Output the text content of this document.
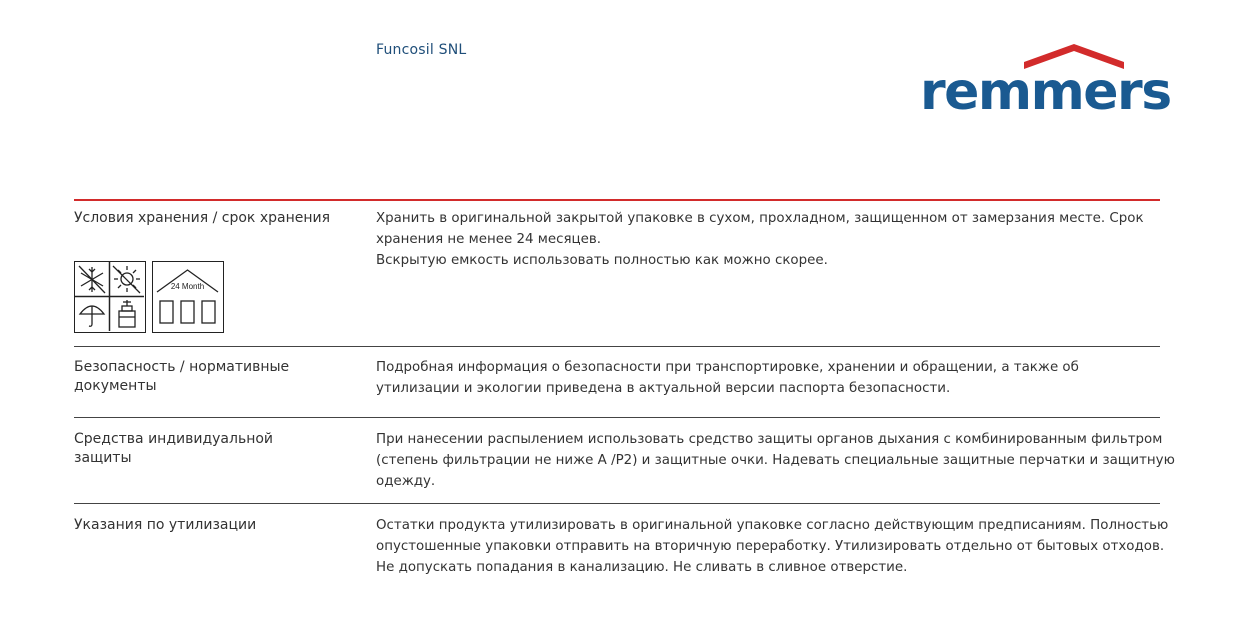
Funcosil SNL
remmers
Условия хранения / срок хранения	Хранить в оригинальной закрытой упаковке в сухом, прохладном, защищенном от замерзания месте. Срок
хранения не менее 24 месяцев.
Вскрытую емкость использовать полностью как можно скорее.
24 Month
Безопасность / нормативные документы
Подробная информация о безопасности при транспортировке, хранении и обращении, а также об
утилизации и экологии приведена в актуальной версии паспорта безопасности.
Средства индивидуальной защиты
При нанесении распылением использовать средство защиты органов дыхания с комбинированным фильтром
(степень фильтрации не ниже A /P2) и защитные очки. Надевать специальные защитные перчатки и защитную
одежду.
Указания по утилизации	Остатки продукта утилизировать в оригинальной упаковке согласно действующим предписаниям. Полностью
опустошенные упаковки отправить на вторичную переработку. Утилизировать отдельно от бытовых отходов.
Не допускать попадания в канализацию. Не сливать в сливное отверстие.
